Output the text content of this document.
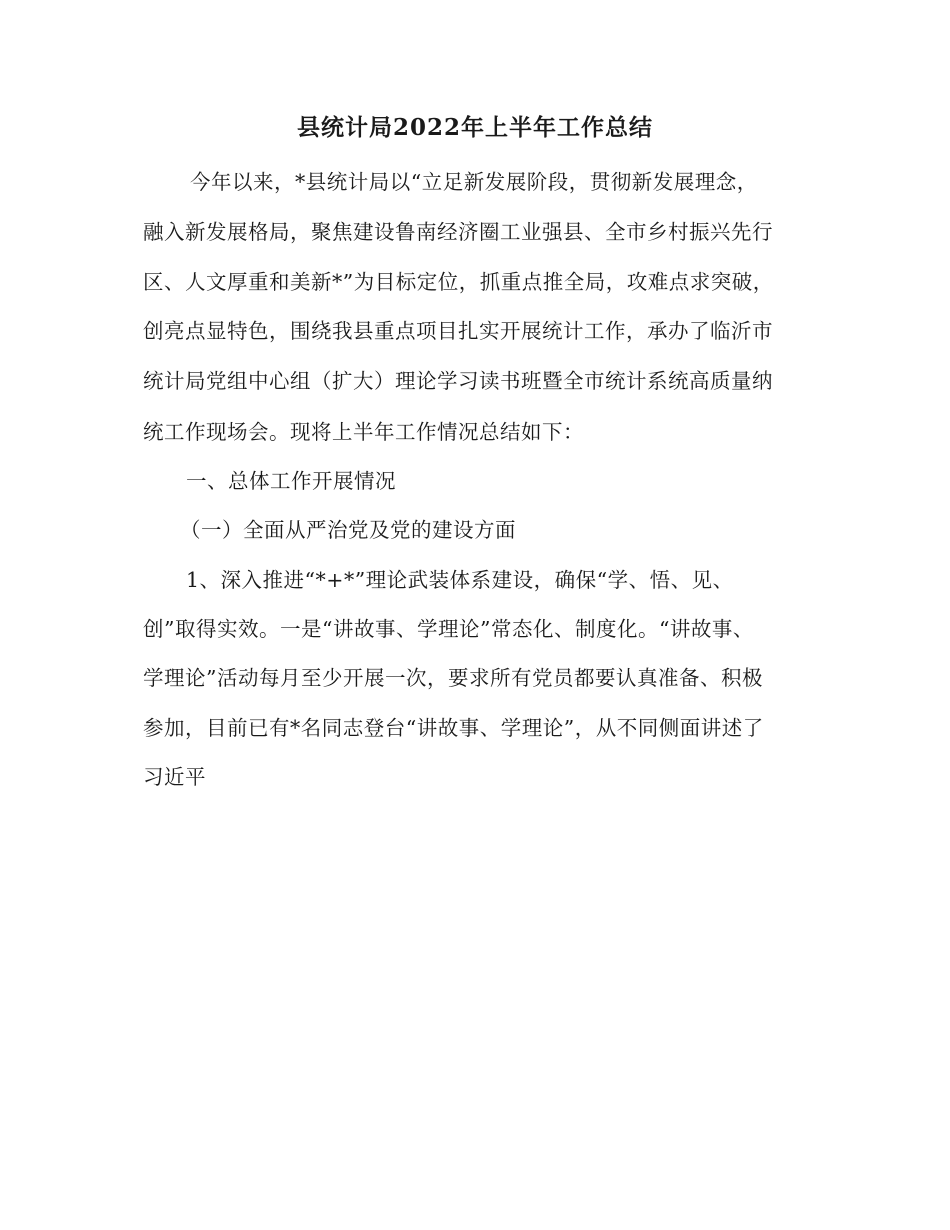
县统计局2022年上半年工作总结
今年以来，*县统计局以“立足新发展阶段，贯彻新发展理念，
融入新发展格局，聚焦建设鲁南经济圈工业强县、全市乡村振兴先行
区、人文厚重和美新*”为目标定位，抓重点推全局，攻难点求突破，
创亮点显特色，围绕我县重点项目扎实开展统计工作，承办了临沂市
统计局党组中心组（扩大）理论学习读书班暨全市统计系统高质量纳
统工作现场会。现将上半年工作情况总结如下：
一、总体工作开展情况
（一）全面从严治党及党的建设方面
1、深入推进“*+*”理论武装体系建设，确保“学、悟、见、
创”取得实效。一是“讲故事、学理论”常态化、制度化。“讲故事、
学理论”活动每月至少开展一次，要求所有党员都要认真准备、积极
参加，目前已有*名同志登台“讲故事、学理论”，从不同侧面讲述了
习近平
